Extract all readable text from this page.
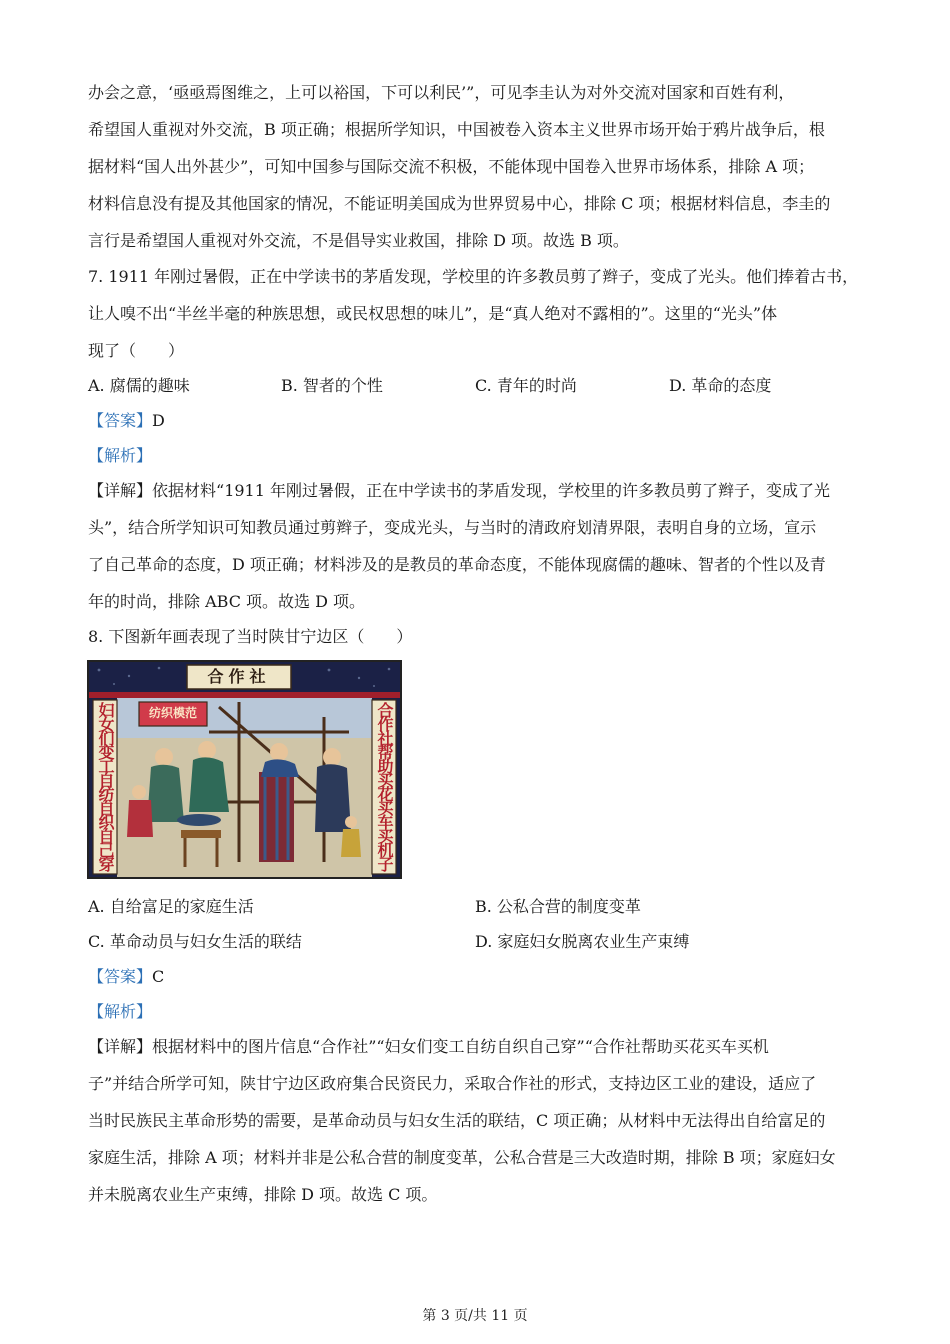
办会之意，‘亟亟焉图维之，上可以裕国，下可以利民’”，可见李圭认为对外交流对国家和百姓有利，
希望国人重视对外交流，B 项正确；根据所学知识，中国被卷入资本主义世界市场开始于鸦片战争后，根
据材料“国人出外甚少”，可知中国参与国际交流不积极，不能体现中国卷入世界市场体系，排除 A 项；
材料信息没有提及其他国家的情况，不能证明美国成为世界贸易中心，排除 C 项；根据材料信息，李圭的
言行是希望国人重视对外交流，不是倡导实业救国，排除 D 项。故选 B 项。
7. 1911 年刚过暑假，正在中学读书的茅盾发现，学校里的许多教员剪了辫子，变成了光头。他们捧着古书，
让人嗅不出“半丝半毫的种族思想，或民权思想的味儿”，是“真人绝对不露相的”。这里的“光头”体
现了（　　）
A. 腐儒的趣味	B. 智者的个性	C. 青年的时尚	D. 革命的态度
【答案】D
【解析】
【详解】依据材料“1911 年刚过暑假，正在中学读书的茅盾发现，学校里的许多教员剪了辫子，变成了光
头”，结合所学知识可知教员通过剪辫子，变成光头，与当时的清政府划清界限，表明自身的立场，宣示
了自己革命的态度，D 项正确；材料涉及的是教员的革命态度，不能体现腐儒的趣味、智者的个性以及青
年的时尚，排除 ABC 项。故选 D 项。
8. 下图新年画表现了当时陕甘宁边区（　　）
合作社
纺织模范
妇女们变工自纺自织自己穿	合作社帮助买花买车买机子
A. 自给富足的家庭生活	B. 公私合营的制度变革
C. 革命动员与妇女生活的联结	D. 家庭妇女脱离农业生产束缚
【答案】C
【解析】
【详解】根据材料中的图片信息“合作社”“妇女们变工自纺自织自己穿”“合作社帮助买花买车买机
子”并结合所学可知，陕甘宁边区政府集合民资民力，采取合作社的形式，支持边区工业的建设，适应了
当时民族民主革命形势的需要，是革命动员与妇女生活的联结，C 项正确；从材料中无法得出自给富足的
家庭生活，排除 A 项；材料并非是公私合营的制度变革，公私合营是三大改造时期，排除 B 项；家庭妇女
并未脱离农业生产束缚，排除 D 项。故选 C 项。
第 3 页/共 11 页
